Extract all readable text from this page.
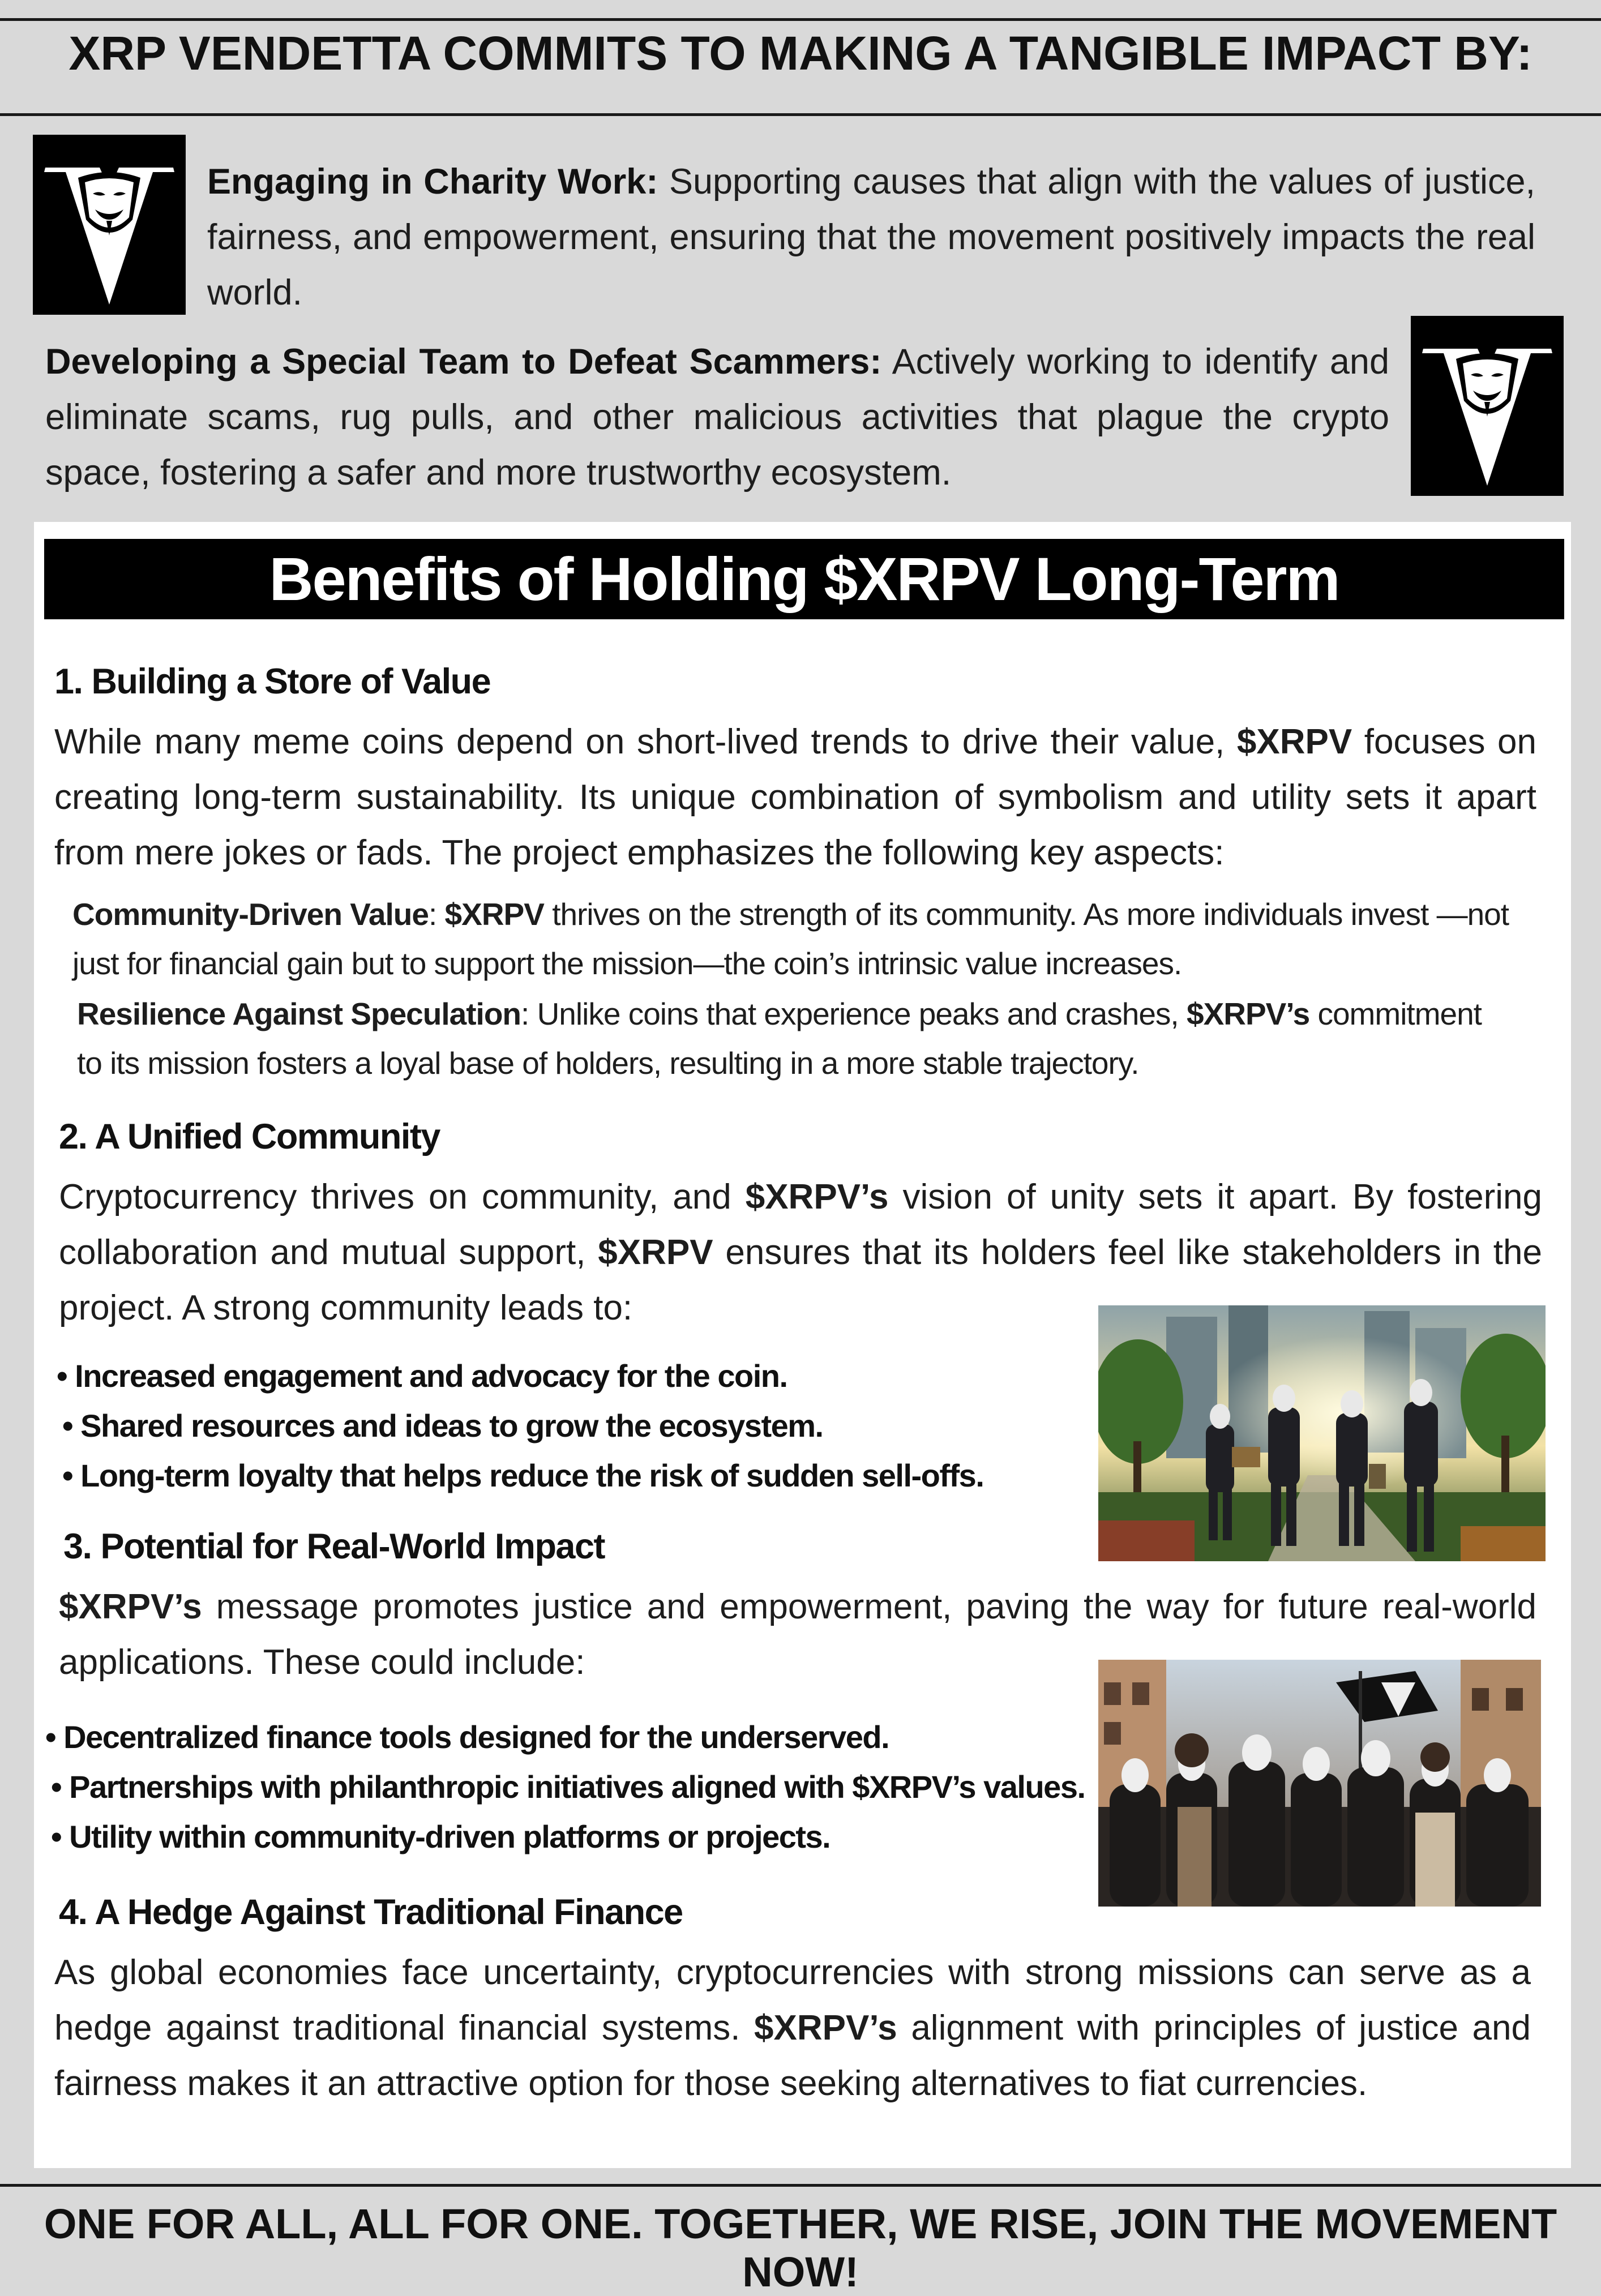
XRP VENDETTA COMMITS TO MAKING A TANGIBLE IMPACT BY:
Engaging in Charity Work: Supporting causes that align with the values of justice, fairness, and empowerment, ensuring that the movement positively impacts the real world.
Developing a Special Team to Defeat Scammers: Actively working to identify and eliminate scams, rug pulls, and other malicious activities that plague the crypto space, fostering a safer and more trustworthy ecosystem.
Benefits of Holding $XRPV Long-Term
1. Building a Store of Value
While many meme coins depend on short-lived trends to drive their value, $XRPV focuses on creating long-term sustainability. Its unique combination of symbolism and utility sets it apart from mere jokes or fads. The project emphasizes the following key aspects:
Community-Driven Value: $XRPV thrives on the strength of its community. As more individuals invest —not just for financial gain but to support the mission—the coin’s intrinsic value increases.
Resilience Against Speculation: Unlike coins that experience peaks and crashes, $XRPV’s commitment to its mission fosters a loyal base of holders, resulting in a more stable trajectory.
2. A Unified Community
Cryptocurrency thrives on community, and $XRPV’s vision of unity sets it apart. By fostering collaboration and mutual support, $XRPV ensures that its holders feel like stakeholders in the project. A strong community leads to:
• Increased engagement and advocacy for the coin.
• Shared resources and ideas to grow the ecosystem.
• Long-term loyalty that helps reduce the risk of sudden sell-offs.
3. Potential for Real-World Impact
$XRPV’s message promotes justice and empowerment, paving the way for future real-world applications. These could include:
• Decentralized finance tools designed for the underserved.
• Partnerships with philanthropic initiatives aligned with $XRPV’s values.
• Utility within community-driven platforms or projects.
4. A Hedge Against Traditional Finance
As global economies face uncertainty, cryptocurrencies with strong missions can serve as a hedge against traditional financial systems. $XRPV’s alignment with principles of justice and fairness makes it an attractive option for those seeking alternatives to fiat currencies.
ONE FOR ALL, ALL FOR ONE. TOGETHER, WE RISE, JOIN THE MOVEMENT NOW!
